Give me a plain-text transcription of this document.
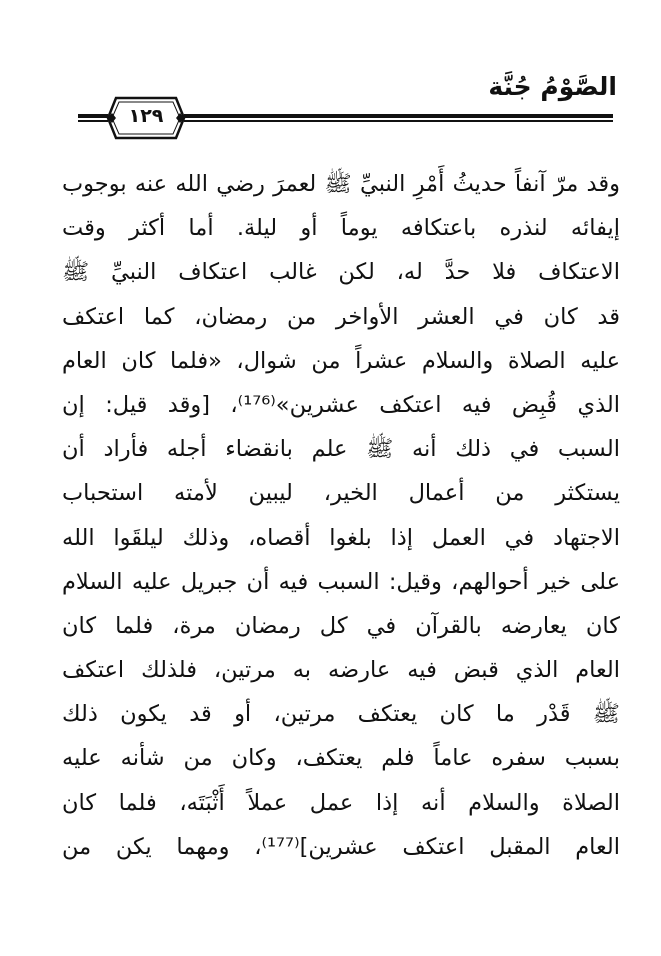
الصَّوْمُ جُنَّة
١٢٩
وقد مرّ آنفاً حديثُ أَمْرِ النبيِّ ﷺ لعمرَ رضي الله عنه بوجوب
إيفائه لنذره باعتكافه يوماً أو ليلة. أما أكثر وقت
الاعتكاف فلا حدَّ له، لكن غالب اعتكاف النبيِّ ﷺ
قد كان في العشر الأواخر من رمضان، كما اعتكف
عليه الصلاة والسلام عشراً من شوال، «فلما كان العام
الذي قُبِض فيه اعتكف عشرين»⁽¹⁷⁶⁾، [وقد قيل: إن
السبب في ذلك أنه ﷺ علم بانقضاء أجله فأراد أن
يستكثر من أعمال الخير، ليبين لأمته استحباب
الاجتهاد في العمل إذا بلغوا أقصاه، وذلك ليلقَوا الله
على خير أحوالهم، وقيل: السبب فيه أن جبريل عليه السلام
كان يعارضه بالقرآن في كل رمضان مرة، فلما كان
العام الذي قبض فيه عارضه به مرتين، فلذلك اعتكف
ﷺ قَدْر ما كان يعتكف مرتين، أو قد يكون ذلك
بسبب سفره عاماً فلم يعتكف، وكان من شأنه عليه
الصلاة والسلام أنه إذا عمل عملاً أَثْبَتَه، فلما كان
العام المقبل اعتكف عشرين]⁽¹⁷⁷⁾، ومهما يكن من
